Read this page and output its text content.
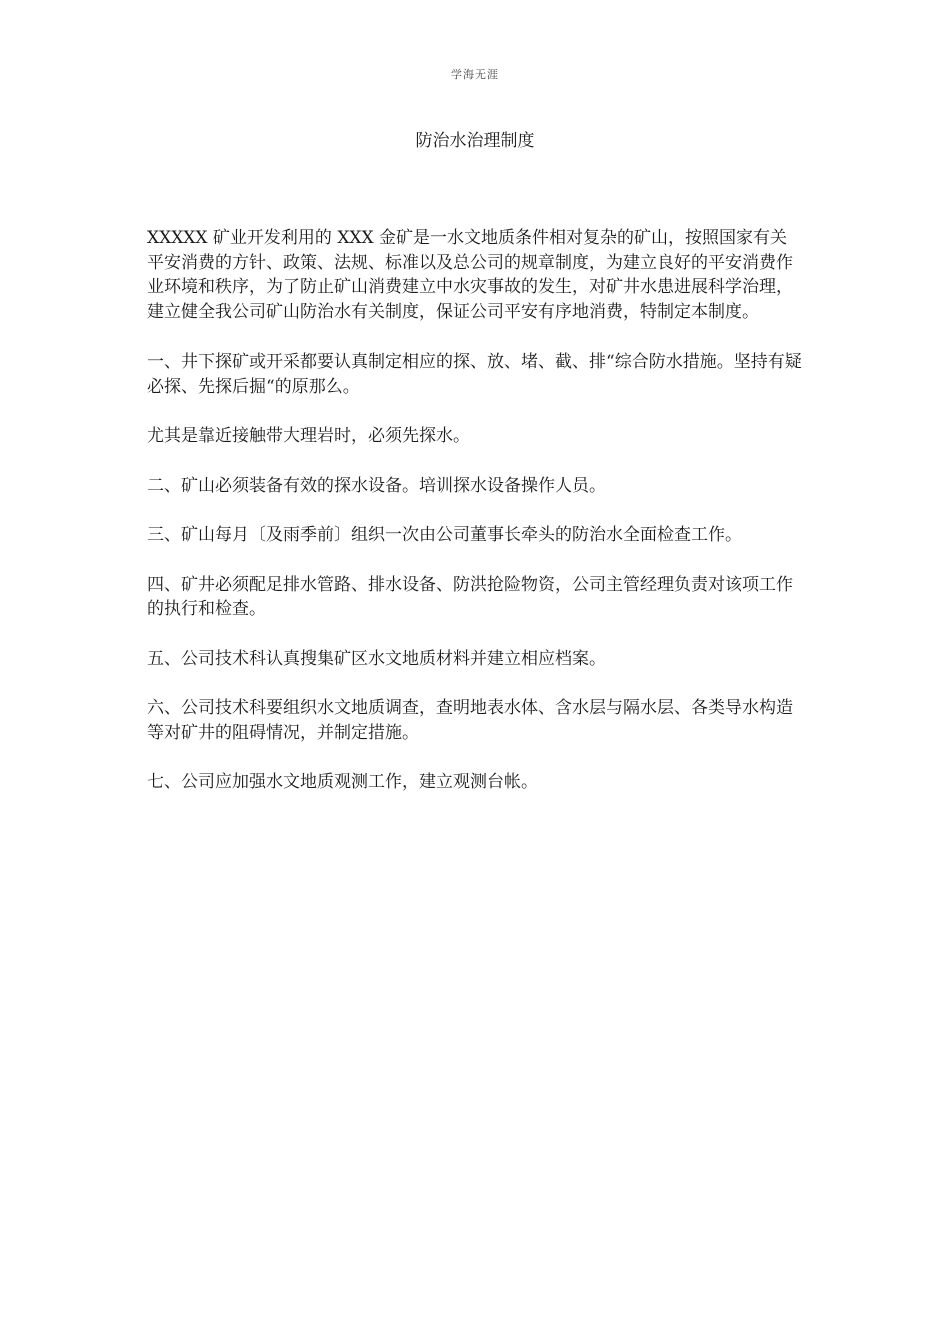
学海无涯
防治水治理制度

XXXXX 矿业开发利用的 XXX 金矿是一水文地质条件相对复杂的矿山，按照国家有关平安消费的方针、政策、法规、标准以及总公司的规章制度，为建立良好的平安消费作业环境和秩序，为了防止矿山消费建立中水灾事故的发生，对矿井水患进展科学治理，建立健全我公司矿山防治水有关制度，保证公司平安有序地消费，特制定本制度。

一、井下探矿或开采都要认真制定相应的探、放、堵、截、排“综合防水措施。坚持有疑必探、先探后掘“的原那么。

尤其是靠近接触带大理岩时，必须先探水。

二、矿山必须装备有效的探水设备。培训探水设备操作人员。

三、矿山每月〔及雨季前〕组织一次由公司董事长牵头的防治水全面检查工作。

四、矿井必须配足排水管路、排水设备、防洪抢险物资，公司主管经理负责对该项工作的执行和检查。

五、公司技术科认真搜集矿区水文地质材料并建立相应档案。

六、公司技术科要组织水文地质调查，查明地表水体、含水层与隔水层、各类导水构造等对矿井的阻碍情况，并制定措施。

七、公司应加强水文地质观测工作，建立观测台帐。
